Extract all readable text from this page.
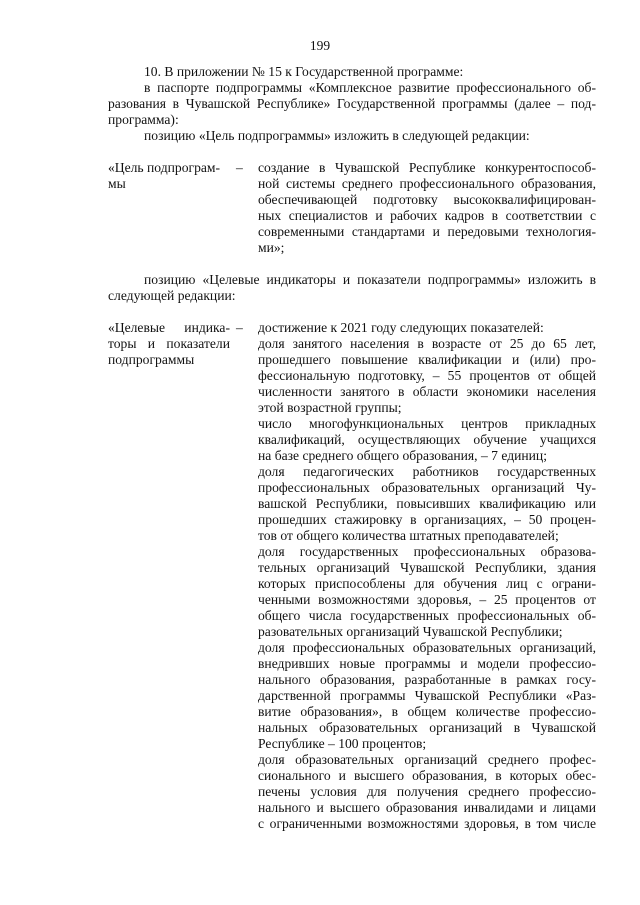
199
10. В приложении № 15 к Государственной программе:
в паспорте подпрограммы «Комплексное развитие профессионального об-
разования в Чувашской Республике» Государственной программы (далее – под-
программа):
позицию «Цель подпрограммы» изложить в следующей редакции:
«Цель подпрограм-
мы
– создание в Чувашской Республике конкурентоспособ-
ной системы среднего профессионального образования,
обеспечивающей подготовку высококвалифицирован-
ных специалистов и рабочих кадров в соответствии с
современными стандартами и передовыми технология-
ми»;
позицию «Целевые индикаторы и показатели подпрограммы» изложить в
следующей редакции:
«Целевые индика-
торы и показатели
подпрограммы
– достижение к 2021 году следующих показателей:
доля занятого населения в возрасте от 25 до 65 лет,
прошедшего повышение квалификации и (или) про-
фессиональную подготовку, – 55 процентов от общей
численности занятого в области экономики населения
этой возрастной группы;
число многофункциональных центров прикладных
квалификаций, осуществляющих обучение учащихся
на базе среднего общего образования, – 7 единиц;
доля педагогических работников государственных
профессиональных образовательных организаций Чу-
вашской Республики, повысивших квалификацию или
прошедших стажировку в организациях, – 50 процен-
тов от общего количества штатных преподавателей;
доля государственных профессиональных образова-
тельных организаций Чувашской Республики, здания
которых приспособлены для обучения лиц с ограни-
ченными возможностями здоровья, – 25 процентов от
общего числа государственных профессиональных об-
разовательных организаций Чувашской Республики;
доля профессиональных образовательных организаций,
внедривших новые программы и модели профессио-
нального образования, разработанные в рамках госу-
дарственной программы Чувашской Республики «Раз-
витие образования», в общем количестве профессио-
нальных образовательных организаций в Чувашской
Республике – 100 процентов;
доля образовательных организаций среднего профес-
сионального и высшего образования, в которых обес-
печены условия для получения среднего профессио-
нального и высшего образования инвалидами и лицами
с ограниченными возможностями здоровья, в том числе
